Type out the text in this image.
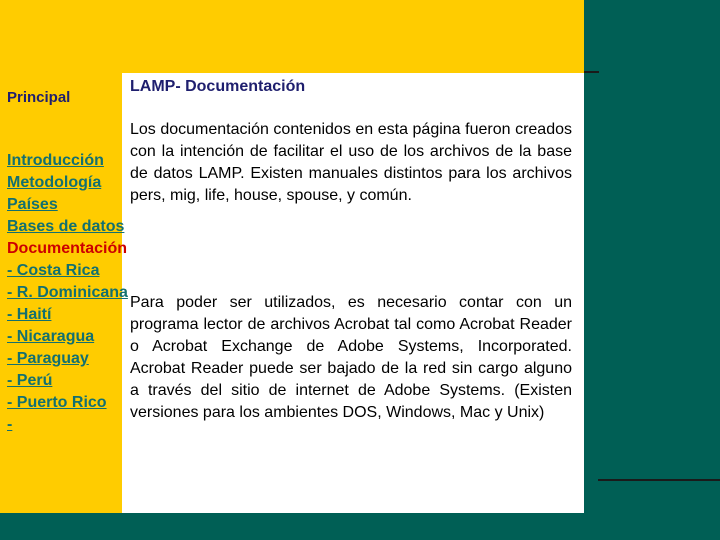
Principal
LAMP- Documentación
Introducción
Metodología
Países
Bases de datos
Documentación
- Costa Rica
- R. Dominicana
- Haití
- Nicaragua
- Paraguay
- Perú
- Puerto Rico
-

Los documentación contenidos en esta página fueron creados con la intención de facilitar el uso de los archivos de la base de datos LAMP. Existen manuales distintos para los archivos pers, mig, life, house, spouse, y común.

Para poder ser utilizados, es necesario contar con un programa lector de archivos Acrobat tal como Acrobat Reader o Acrobat Exchange de Adobe Systems, Incorporated. Acrobat Reader puede ser bajado de la red sin cargo alguno a través del sitio de internet de Adobe Systems. (Existen versiones para los ambientes DOS, Windows, Mac y Unix)
